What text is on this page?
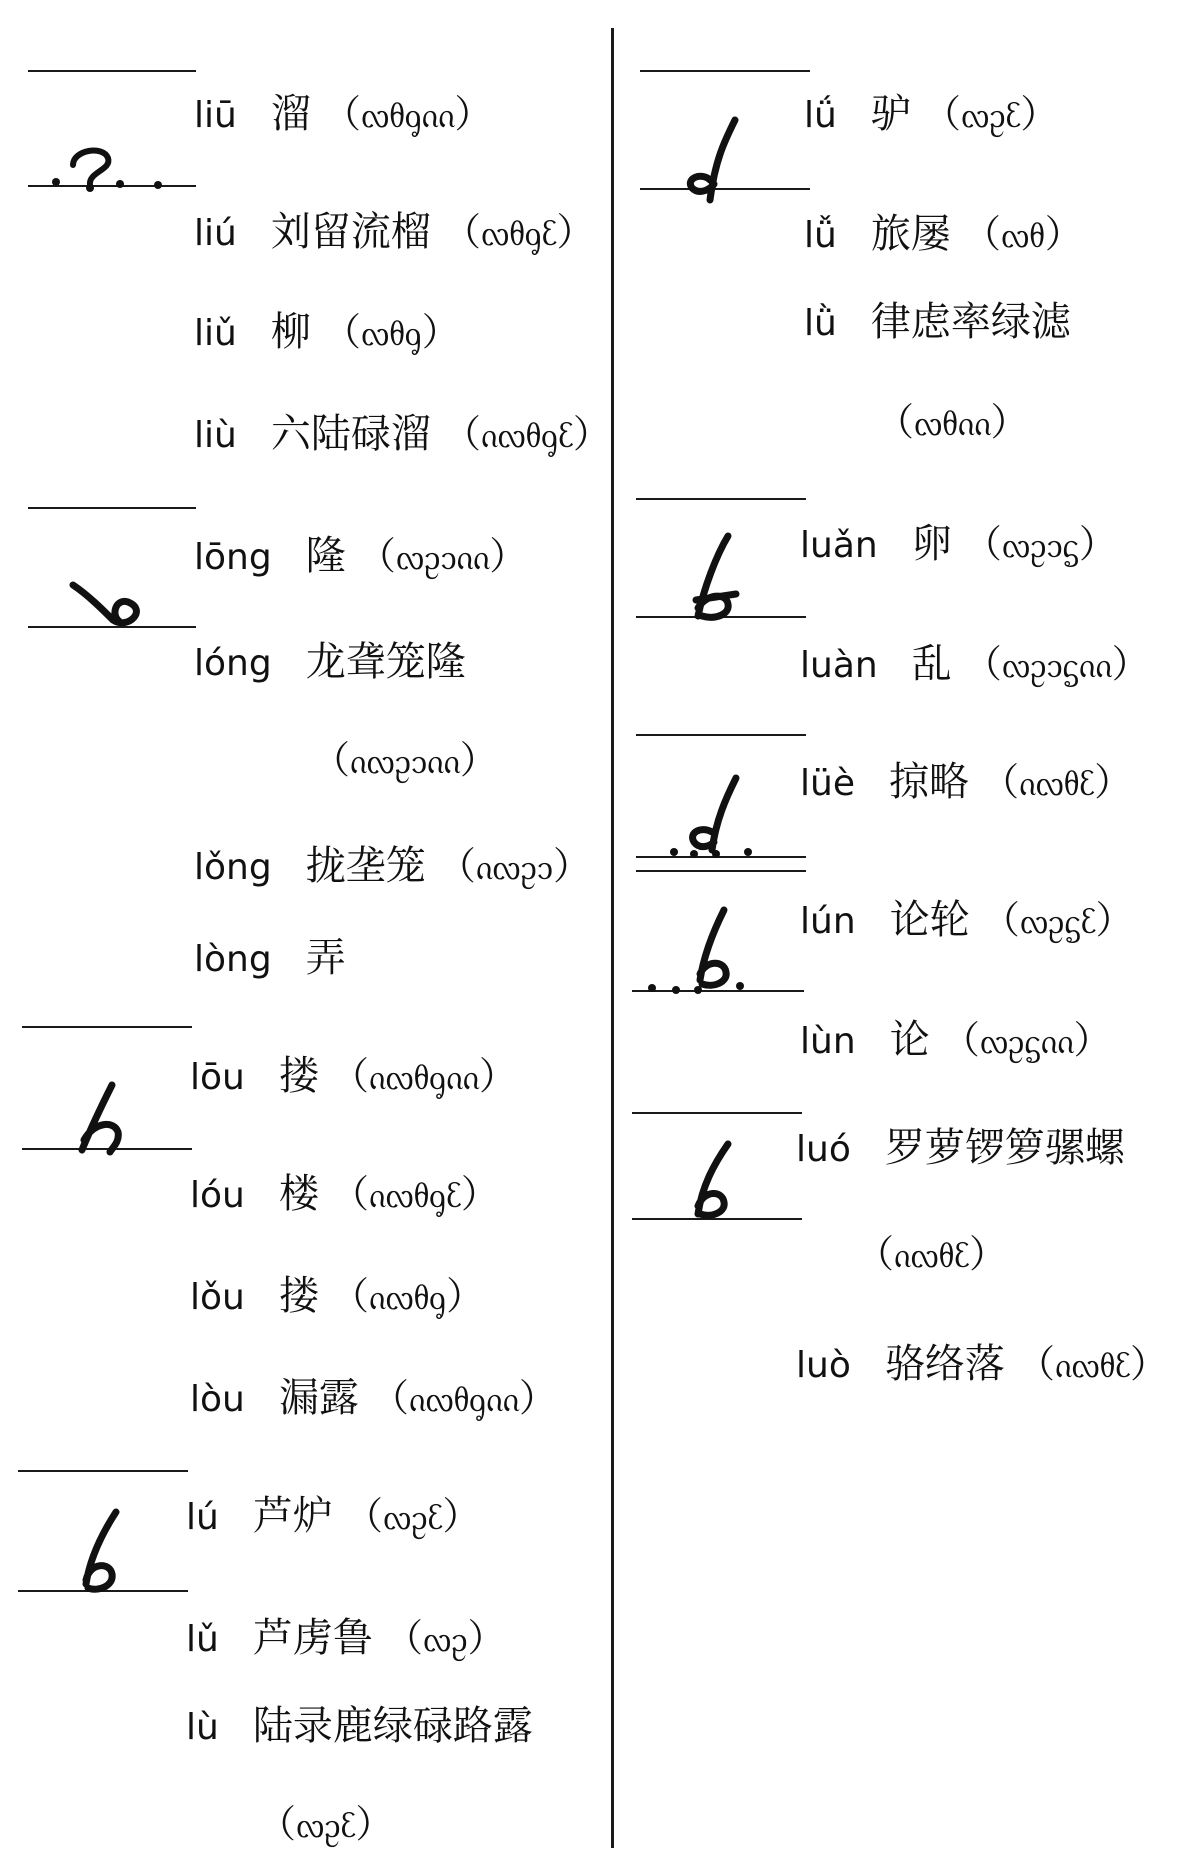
liū 溜 （ᦟᦲᧁᦶ）
liú 刘留流榴 （ᦟᦲᧁᦷ）
liǔ 柳 （ᦟᦲᧁ）
liù 六陆碌溜 （ᦵᦟᦲᧁᦷ）
lōng 隆 （ᦟᦳᦱᦶ）
lóng 龙聋笼隆
（ᦵᦟᦳᦱᦶ）
lǒng 拢垄笼 （ᦵᦟᦳᦱ）
lòng 弄
lōu 搂 （ᦵᦟᦲᧁᦶ）
lóu 楼 （ᦵᦟᦲᧁᦷ）
lǒu 搂 （ᦵᦟᦲᧁ）
lòu 漏露 （ᦵᦟᦲᧁᦶ）
lú 芦炉 （ᦟᦳᦷ）
lǔ 芦虏鲁 （ᦟᦳ）
lù 陆录鹿绿碌路露
（ᦟᦳᦷ）
lǘ 驴 （ᦟᦳᦷ）
lǚ 旅屡 （ᦟᦲ）
lǜ 律虑率绿滤
（ᦟᦲᦶ）
luǎn 卵 （ᦟᦳᦱᧃ）
luàn 乱 （ᦟᦳᦱᧃᦶ）
lüè 掠略 （ᦵᦟᦲᦷ）
lún 论轮 （ᦟᦳᧃᦷ）
lùn 论 （ᦟᦳᧃᦶ）
luó 罗萝锣箩骡螺
（ᦵᦟᦲᦷ）
luò 骆络落 （ᦵᦟᦲᦷ）
